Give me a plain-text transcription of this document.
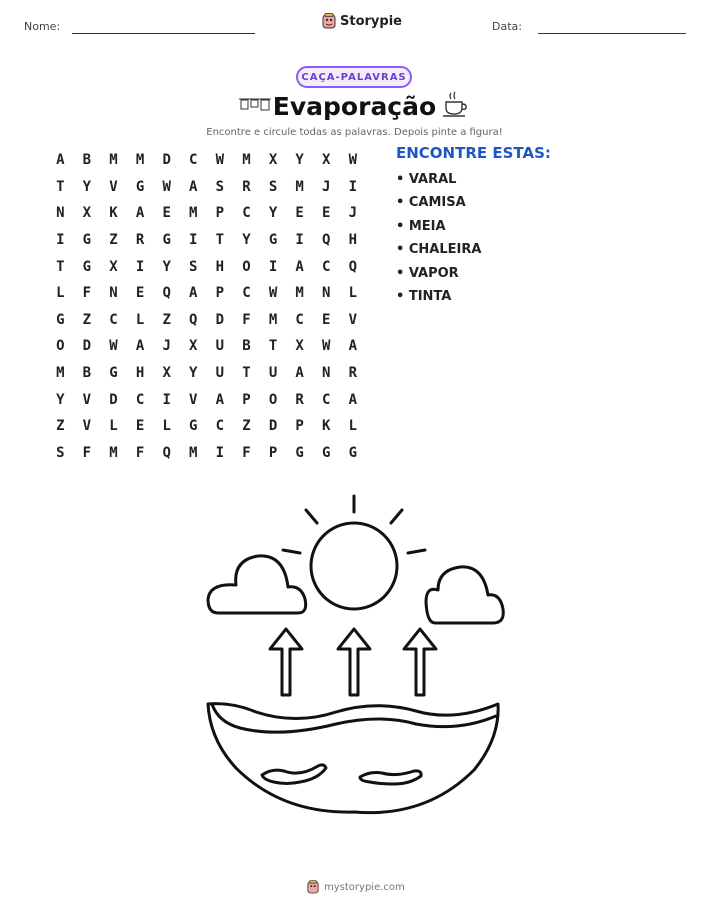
Nome:	Storypie	Data:
CAÇA-PALAVRAS
Evaporação
Encontre e circule todas as palavras. Depois pinte a figura!
A	B	M	M	D	C	W	M	X	Y	X	W
T	Y	V	G	W	A	S	R	S	M	J	I
N	X	K	A	E	M	P	C	Y	E	E	J
I	G	Z	R	G	I	T	Y	G	I	Q	H
T	G	X	I	Y	S	H	O	I	A	C	Q
L	F	N	E	Q	A	P	C	W	M	N	L
G	Z	C	L	Z	Q	D	F	M	C	E	V
O	D	W	A	J	X	U	B	T	X	W	A
M	B	G	H	X	Y	U	T	U	A	N	R
Y	V	D	C	I	V	A	P	O	R	C	A
Z	V	L	E	L	G	C	Z	D	P	K	L
S	F	M	F	Q	M	I	F	P	G	G	G
ENCONTRE ESTAS:
• VARAL
• CAMISA
• MEIA
• CHALEIRA
• VAPOR
• TINTA
mystorypie.com
